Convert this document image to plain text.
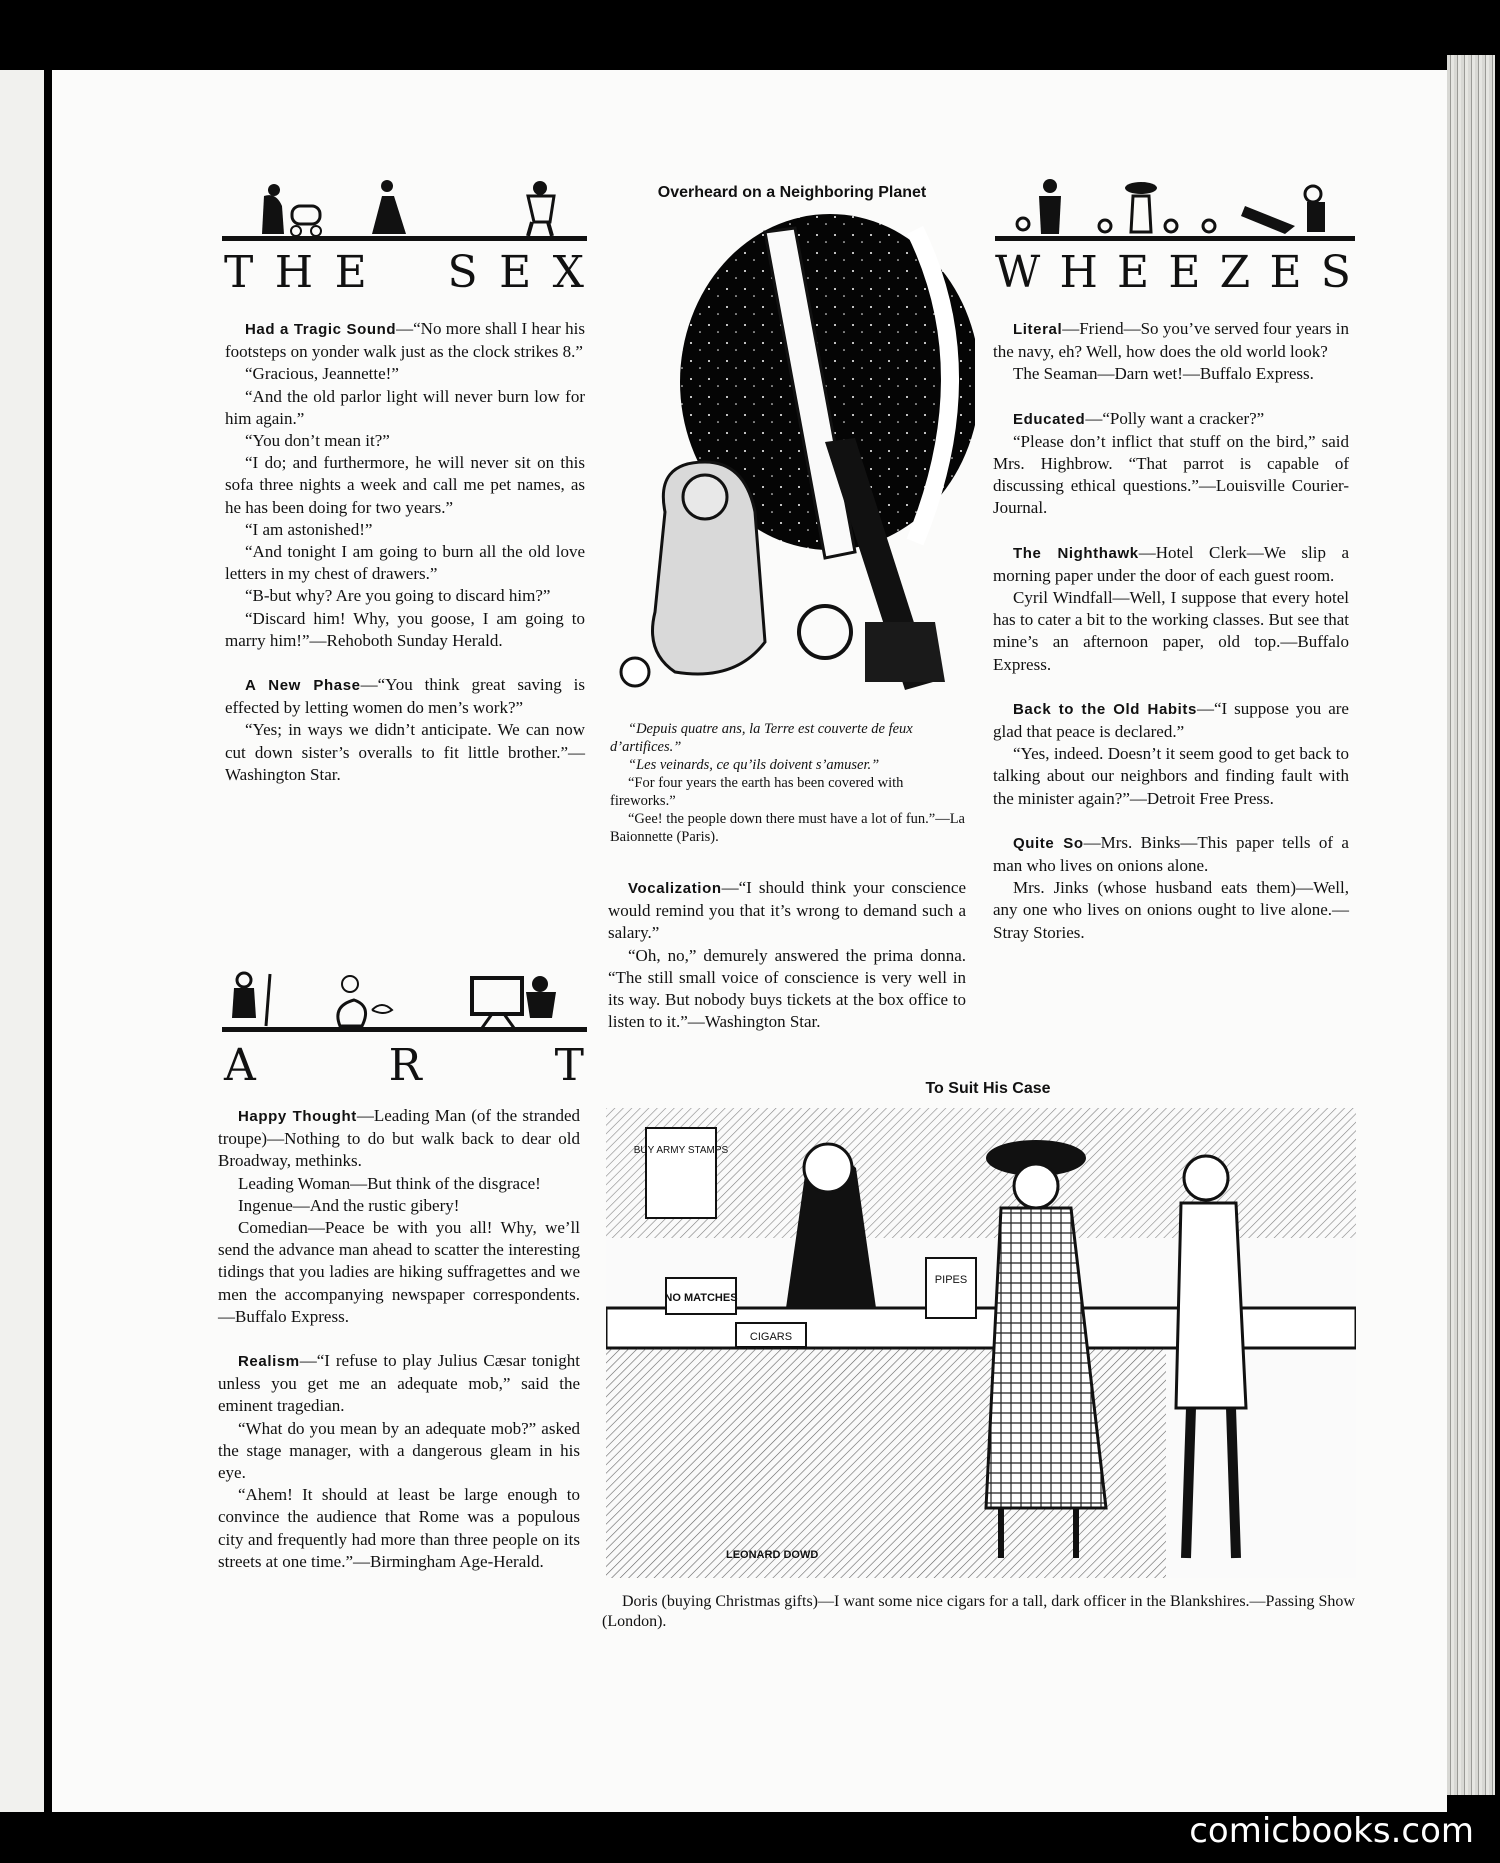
T H E S E X

Had a Tragic Sound—“No more shall I hear his footsteps on yonder walk just as the clock strikes 8.”

“Gracious, Jeannette!”

“And the old parlor light will never burn low for him again.”

“You don’t mean it?”

“I do; and furthermore, he will never sit on this sofa three nights a week and call me pet names, as he has been doing for two years.”

“I am astonished!”

“And tonight I am going to burn all the old love letters in my chest of drawers.”

“B-but why? Are you going to discard him?”

“Discard him! Why, you goose, I am going to marry him!”—Rehoboth Sunday Herald.

A New Phase—“You think great saving is effected by letting women do men’s work?”

“Yes; in ways we didn’t anticipate. We can now cut down sister’s overalls to fit little brother.”—Washington Star.

A	R	T

Happy Thought—Leading Man (of the stranded troupe)—Nothing to do but walk back to dear old Broadway, methinks.

Leading Woman—But think of the disgrace!

Ingenue—And the rustic gibery!

Comedian—Peace be with you all! Why, we’ll send the advance man ahead to scatter the interesting tidings that you ladies are hiking suffragettes and we men the accompanying newspaper correspondents.—Buffalo Express.

Realism—“I refuse to play Julius Cæsar tonight unless you get me an adequate mob,” said the eminent tragedian.

“What do you mean by an adequate mob?” asked the stage manager, with a dangerous gleam in his eye.

“Ahem! It should at least be large enough to convince the audience that Rome was a populous city and frequently had more than three people on its streets at one time.”—Birmingham Age-Herald.

Overheard on a Neighboring Planet

“Depuis quatre ans, la Terre est couverte de feux d’artifices.”

“Les veinards, ce qu’ils doivent s’amuser.”

“For four years the earth has been covered with fireworks.”

“Gee! the people down there must have a lot of fun.”—La Baionnette (Paris).

Vocalization—“I should think your conscience would remind you that it’s wrong to demand such a salary.”

“Oh, no,” demurely answered the prima donna. “The still small voice of conscience is very well in its way. But nobody buys tickets at the box office to listen to it.”—Washington Star.

W H E E Z E S

Literal—Friend—So you’ve served four years in the navy, eh? Well, how does the old world look?

The Seaman—Darn wet!—Buffalo Express.

Educated—“Polly want a cracker?”

“Please don’t inflict that stuff on the bird,” said Mrs. Highbrow. “That parrot is capable of discussing ethical questions.”—Louisville Courier-Journal.

The Nighthawk—Hotel Clerk—We slip a morning paper under the door of each guest room.

Cyril Windfall—Well, I suppose that every hotel has to cater a bit to the working classes. But see that mine’s an afternoon paper, old top.—Buffalo Express.

Back to the Old Habits—“I suppose you are glad that peace is declared.”

“Yes, indeed. Doesn’t it seem good to get back to talking about our neighbors and finding fault with the minister again?”—Detroit Free Press.

Quite So—Mrs. Binks—This paper tells of a man who lives on onions alone.

Mrs. Jinks (whose husband eats them)—Well, any one who lives on onions ought to live alone.—Stray Stories.

To Suit His Case
BUY ARMY STAMPS
NO MATCHES
CIGARS
PIPES
LEONARD DOWD
Doris (buying Christmas gifts)—I want some nice cigars for a tall, dark officer in the Blankshires.—Passing Show (London).
comicbooks.com
